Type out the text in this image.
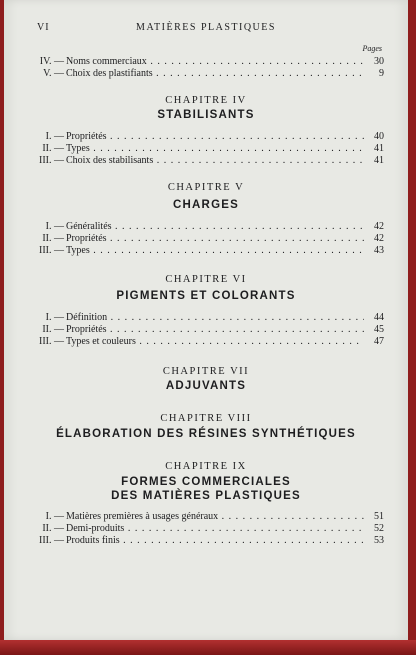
VI	MATIÈRES PLASTIQUES
Pages
IV. — Noms commerciaux . . .	30
V. — Choix des plastifiants . . .	9
CHAPITRE IV
STABILISANTS
I. — Propriétés . . .	40
II. — Types . . .	41
III. — Choix des stabilisants . . .	41
CHAPITRE V
CHARGES
I. — Généralités . . .	42
II. — Propriétés . . .	42
III. — Types . . .	43
CHAPITRE VI
PIGMENTS ET COLORANTS
I. — Définition . . .	44
II. — Propriétés . . .	45
III. — Types et couleurs . . .	47
CHAPITRE VII
ADJUVANTS
CHAPITRE VIII
ÉLABORATION DES RÉSINES SYNTHÉTIQUES
CHAPITRE IX
FORMES COMMERCIALES
DES MATIÈRES PLASTIQUES
I. — Matières premières à usages généraux . . .	51
II. — Demi-produits . . .	52
III. — Produits finis . . .	53
